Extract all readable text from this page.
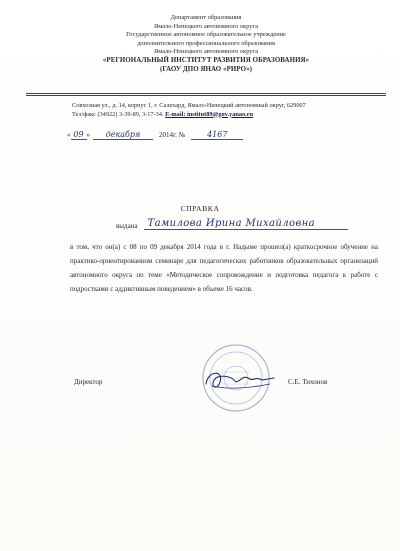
Департамент образования
Ямало-Ненецкого автономного округа
Государственное автономное образовательное учреждение
дополнительного профессионального образования
Ямало-Ненецкого автономного округа
«РЕГИОНАЛЬНЫЙ ИНСТИТУТ РАЗВИТИЯ ОБРАЗОВАНИЯ»
(ГАОУ ДПО ЯНАО «РИРО»)
Совхозная ул., д. 14, корпус 1, г. Салехард, Ямало-Ненецкий автономный округ, 629007
Тел/факс (34922) 3-39-89, 3-17-34. E-mail: institut89@gov.yanao.ru
« 09 »	декабря	2014г. №	4167
СПРАВКА
выдана	Тамилова Ирина Михайловна

в том, что он(а) с 08 по 09 декабря 2014 года в г. Надыме прошел(а) краткосрочное обучение на практико-ориентированном семинаре для педагогических работников образовательных организаций автономного округа по теме «Методическое сопровождение и подготовка педагога к работе с подростками с аддиктивным поведением» в объеме 16 часов.

Директор	С.Е. Тихонов
